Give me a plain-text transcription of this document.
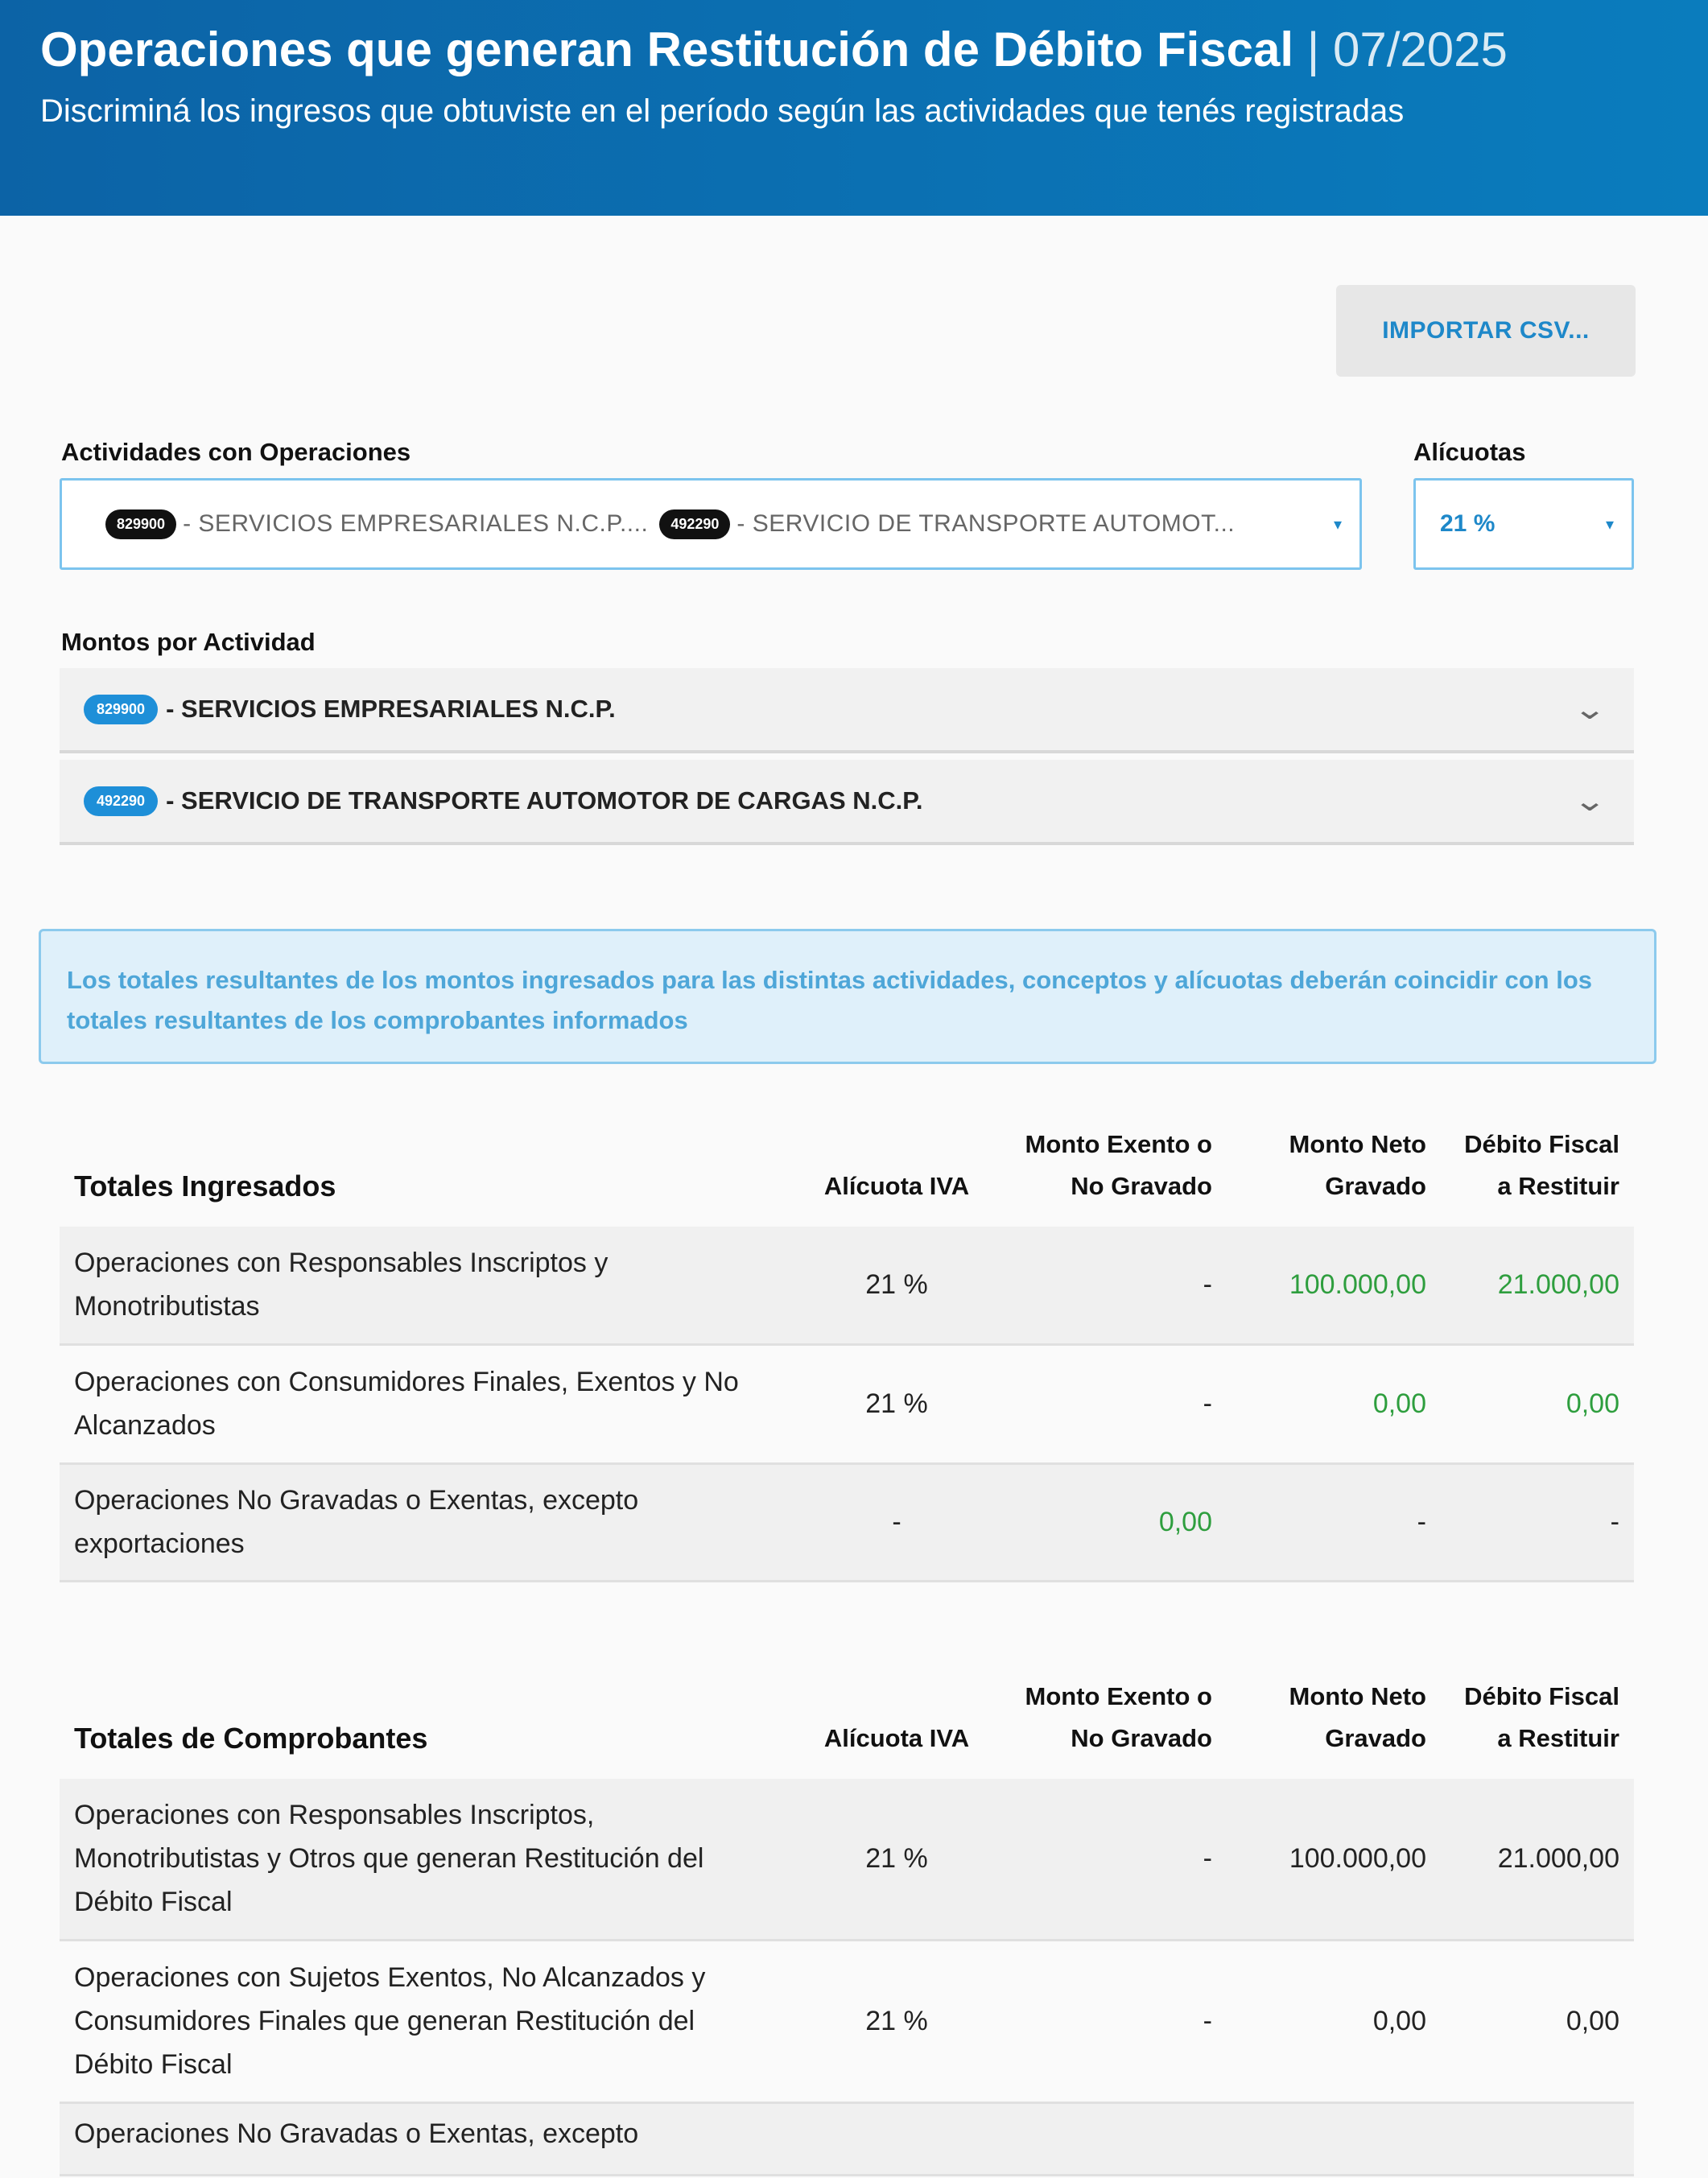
Operaciones que generan Restitución de Débito Fiscal | 07/2025
Discriminá los ingresos que obtuviste en el período según las actividades que tenés registradas
IMPORTAR CSV...
Actividades con Operaciones
829900 - SERVICIOS EMPRESARIALES N.C.P....	492290 - SERVICIO DE TRANSPORTE AUTOMOT...	▾
Alícuotas
21 %	▾
Montos por Actividad
829900 - SERVICIOS EMPRESARIALES N.C.P.	⌄
492290 - SERVICIO DE TRANSPORTE AUTOMOTOR DE CARGAS N.C.P.	⌄
Los totales resultantes de los montos ingresados para las distintas actividades, conceptos y alícuotas deberán coincidir con los totales resultantes de los comprobantes informados
Totales Ingresados	Alícuota IVA	Monto Exento o No Gravado	Monto Neto Gravado	Débito Fiscal a Restituir
Operaciones con Responsables Inscriptos y Monotributistas	21 %	-	100.000,00	21.000,00
Operaciones con Consumidores Finales, Exentos y No Alcanzados	21 %	-	0,00	0,00
Operaciones No Gravadas o Exentas, excepto exportaciones	-	0,00	-	-
Totales de Comprobantes	Alícuota IVA	Monto Exento o No Gravado	Monto Neto Gravado	Débito Fiscal a Restituir
Operaciones con Responsables Inscriptos, Monotributistas y Otros que generan Restitución del Débito Fiscal	21 %	-	100.000,00	21.000,00
Operaciones con Sujetos Exentos, No Alcanzados y Consumidores Finales que generan Restitución del Débito Fiscal	21 %	-	0,00	0,00
Operaciones No Gravadas o Exentas, excepto				
